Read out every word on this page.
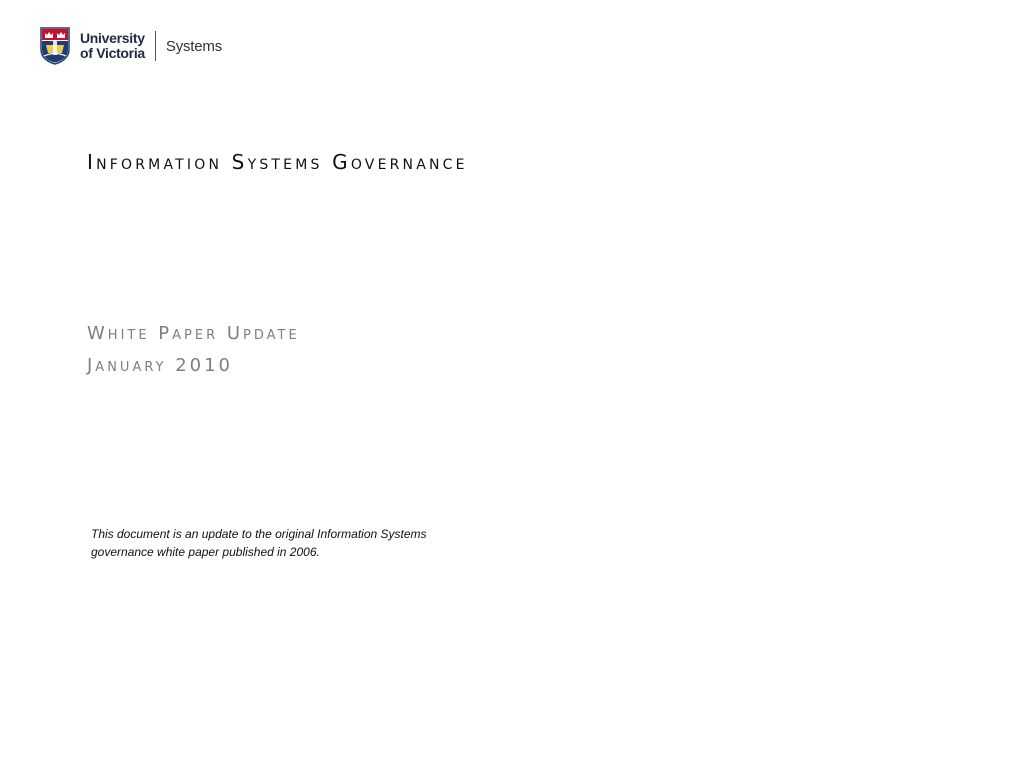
University
of Victoria Systems
Information Systems Governance
White Paper Update
January 2010

This document is an update to the original Information Systems governance white paper published in 2006.
